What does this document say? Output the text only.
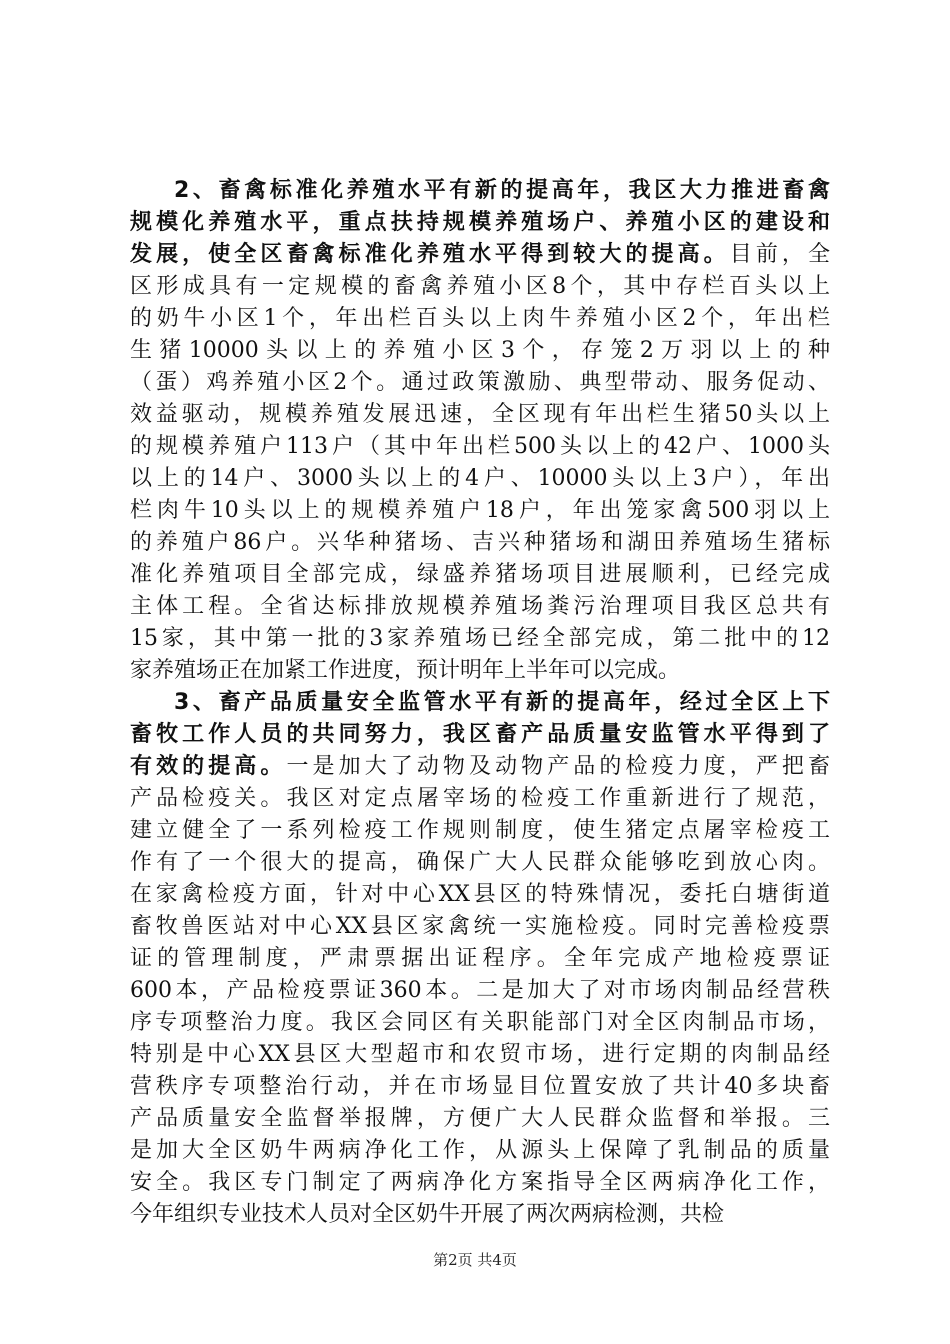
2、畜禽标准化养殖水平有新的提高年，我区大力推进畜禽
规模化养殖水平，重点扶持规模养殖场户、养殖小区的建设和
发展，使全区畜禽标准化养殖水平得到较大的提高。目前，全
区形成具有一定规模的畜禽养殖小区8个，其中存栏百头以上
的奶牛小区1个，年出栏百头以上肉牛养殖小区2个，年出栏
生猪10000头以上的养殖小区3个，存笼2万羽以上的种
（蛋）鸡养殖小区2个。通过政策激励、典型带动、服务促动、
效益驱动，规模养殖发展迅速，全区现有年出栏生猪50头以上
的规模养殖户113户（其中年出栏500头以上的42户、1000头
以上的14户、3000头以上的4户、10000头以上3户），年出
栏肉牛10头以上的规模养殖户18户，年出笼家禽500羽以上
的养殖户86户。兴华种猪场、吉兴种猪场和湖田养殖场生猪标
准化养殖项目全部完成，绿盛养猪场项目进展顺利，已经完成
主体工程。全省达标排放规模养殖场粪污治理项目我区总共有
15家，其中第一批的3家养殖场已经全部完成，第二批中的12
家养殖场正在加紧工作进度，预计明年上半年可以完成。
3、畜产品质量安全监管水平有新的提高年，经过全区上下
畜牧工作人员的共同努力，我区畜产品质量安监管水平得到了
有效的提高。一是加大了动物及动物产品的检疫力度，严把畜
产品检疫关。我区对定点屠宰场的检疫工作重新进行了规范，
建立健全了一系列检疫工作规则制度，使生猪定点屠宰检疫工
作有了一个很大的提高，确保广大人民群众能够吃到放心肉。
在家禽检疫方面，针对中心XX县区的特殊情况，委托白塘街道
畜牧兽医站对中心XX县区家禽统一实施检疫。同时完善检疫票
证的管理制度，严肃票据出证程序。全年完成产地检疫票证
600本，产品检疫票证360本。二是加大了对市场肉制品经营秩
序专项整治力度。我区会同区有关职能部门对全区肉制品市场，
特别是中心XX县区大型超市和农贸市场，进行定期的肉制品经
营秩序专项整治行动，并在市场显目位置安放了共计40多块畜
产品质量安全监督举报牌，方便广大人民群众监督和举报。三
是加大全区奶牛两病净化工作，从源头上保障了乳制品的质量
安全。我区专门制定了两病净化方案指导全区两病净化工作，
今年组织专业技术人员对全区奶牛开展了两次两病检测，共检
第2页 共4页
